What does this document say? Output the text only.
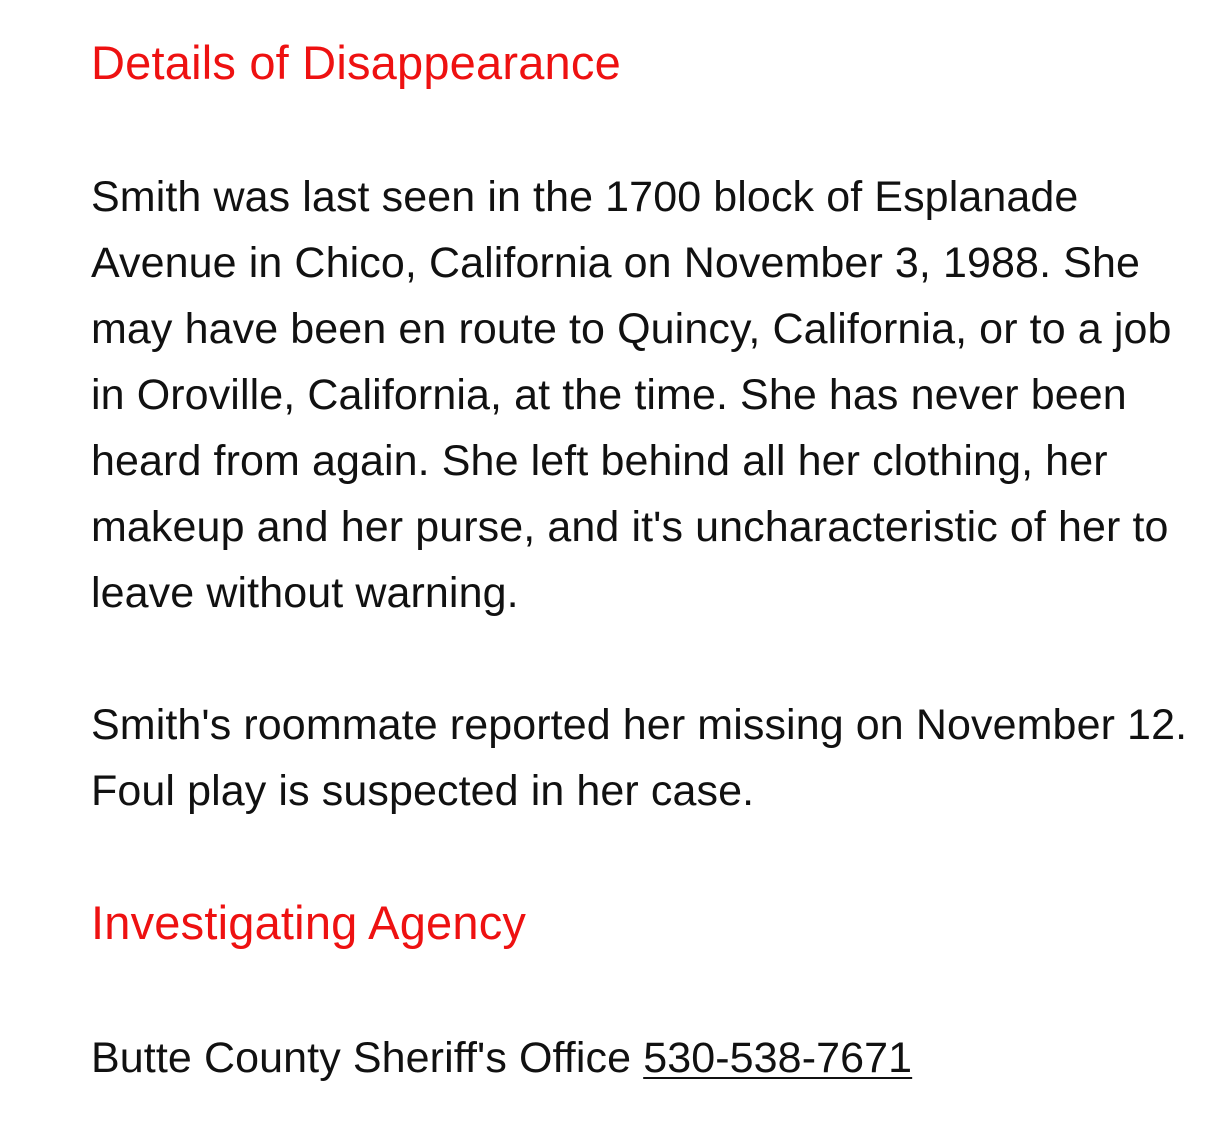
Details of Disappearance

Smith was last seen in the 1700 block of Esplanade Avenue in Chico, California on November 3, 1988. She may have been en route to Quincy, California, or to a job in Oroville, California, at the time. She has never been heard from again. She left behind all her clothing, her makeup and her purse, and it's uncharacteristic of her to leave without warning.

Smith's roommate reported her missing on November 12. Foul play is suspected in her case.

Investigating Agency

Butte County Sheriff's Office 530-538-7671
